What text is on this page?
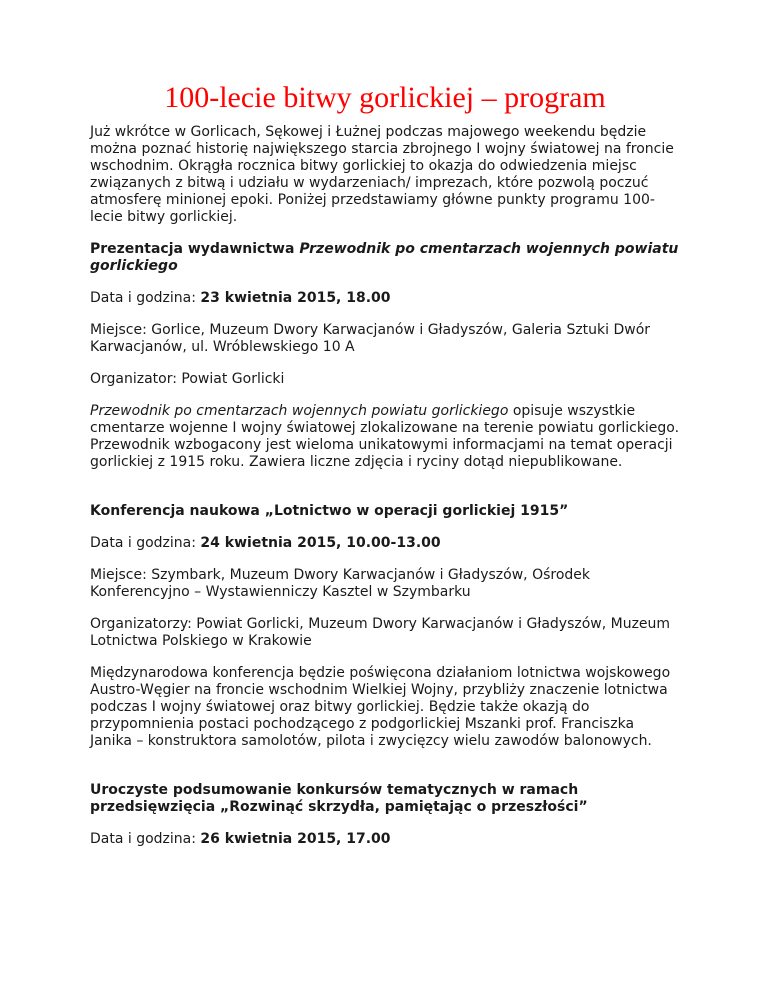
100-lecie bitwy gorlickiej – program

Już wkrótce w Gorlicach, Sękowej i Łużnej podczas majowego weekendu będzie można poznać historię największego starcia zbrojnego I wojny światowej na froncie wschodnim. Okrągła rocznica bitwy gorlickiej to okazja do odwiedzenia miejsc związanych z bitwą i udziału w wydarzeniach/ imprezach, które pozwolą poczuć atmosferę minionej epoki. Poniżej przedstawiamy główne punkty programu 100-lecie bitwy gorlickiej.

Prezentacja wydawnictwa Przewodnik po cmentarzach wojennych powiatu gorlickiego

Data i godzina: 23 kwietnia 2015, 18.00

Miejsce: Gorlice, Muzeum Dwory Karwacjanów i Gładyszów, Galeria Sztuki Dwór Karwacjanów, ul. Wróblewskiego 10 A

Organizator: Powiat Gorlicki

Przewodnik po cmentarzach wojennych powiatu gorlickiego opisuje wszystkie cmentarze wojenne I wojny światowej zlokalizowane na terenie powiatu gorlickiego. Przewodnik wzbogacony jest wieloma unikatowymi informacjami na temat operacji gorlickiej z 1915 roku. Zawiera liczne zdjęcia i ryciny dotąd niepublikowane.

Konferencja naukowa „Lotnictwo w operacji gorlickiej 1915”

Data i godzina: 24 kwietnia 2015, 10.00-13.00

Miejsce: Szymbark, Muzeum Dwory Karwacjanów i Gładyszów, Ośrodek Konferencyjno – Wystawienniczy Kasztel w Szymbarku

Organizatorzy: Powiat Gorlicki, Muzeum Dwory Karwacjanów i Gładyszów, Muzeum Lotnictwa Polskiego w Krakowie

Międzynarodowa konferencja będzie poświęcona działaniom lotnictwa wojskowego Austro-Węgier na froncie wschodnim Wielkiej Wojny, przybliży znaczenie lotnictwa podczas I wojny światowej oraz bitwy gorlickiej. Będzie także okazją do przypomnienia postaci pochodzącego z podgorlickiej Mszanki prof. Franciszka Janika – konstruktora samolotów, pilota i zwycięzcy wielu zawodów balonowych.

Uroczyste podsumowanie konkursów tematycznych w ramach przedsięwzięcia „Rozwinąć skrzydła, pamiętając o przeszłości”

Data i godzina: 26 kwietnia 2015, 17.00
